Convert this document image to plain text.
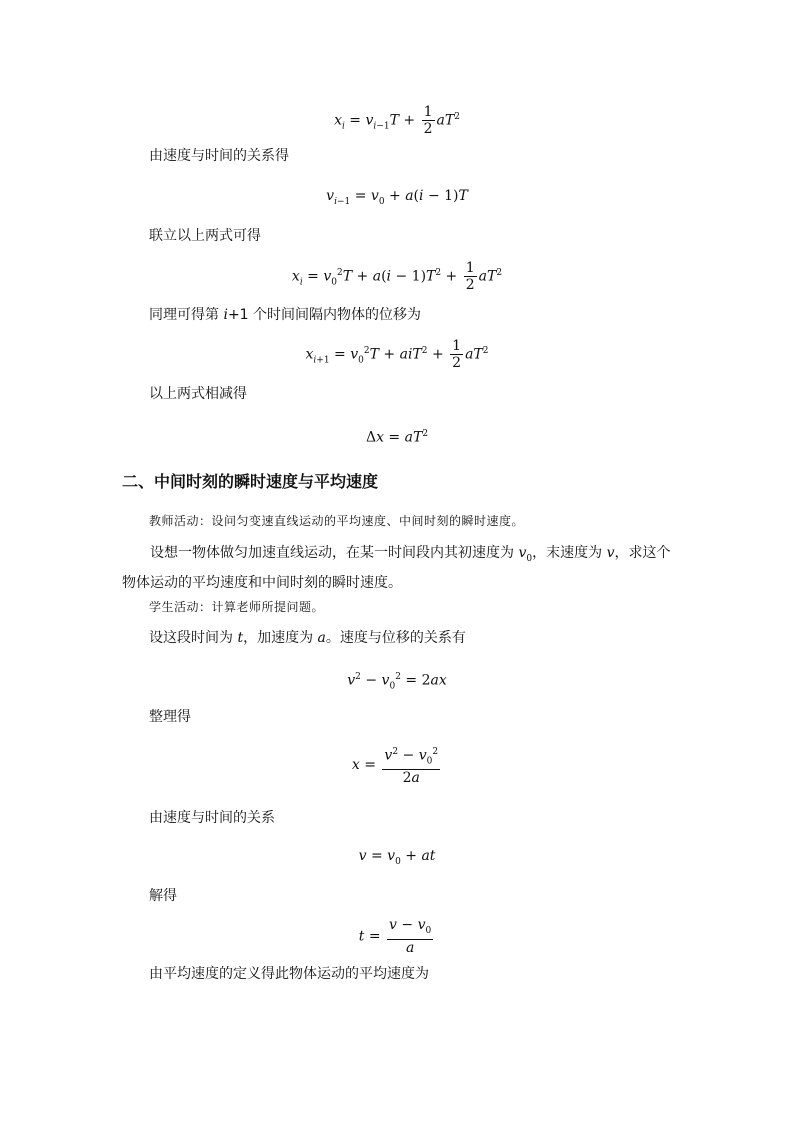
$x_i = v_{i-1}T + \frac{1}{2} aT^2$
由速度与时间的关系得
$v_{i-1} = v_0 + a(i - 1)T$
联立以上两式可得
$x_i = v_0^2T + a(i - 1)T^2 + \frac{1}{2} aT^2$
同理可得第 i+1 个时间间隔内物体的位移为
$x_{i+1} = v_0^2T + aiT^2 + \frac{1}{2} aT^2$
以上两式相减得
$\Delta x = aT^2$
二、中间时刻的瞬时速度与平均速度
教师活动：设问匀变速直线运动的平均速度、中间时刻的瞬时速度。
设想一物体做匀加速直线运动，在某一时间段内其初速度为 $v_0$，末速度为 v，求这个物体运动的平均速度和中间时刻的瞬时速度。
学生活动：计算老师所提问题。
设这段时间为 t，加速度为 a。速度与位移的关系有
$v^2 - v_0^2 = 2ax$
整理得
$x = \frac{v^2 - v_0^2}{2a}$
由速度与时间的关系
$v = v_0$ + at
解得
$t = \frac{v - v_0}{a}$
由平均速度的定义得此物体运动的平均速度为
